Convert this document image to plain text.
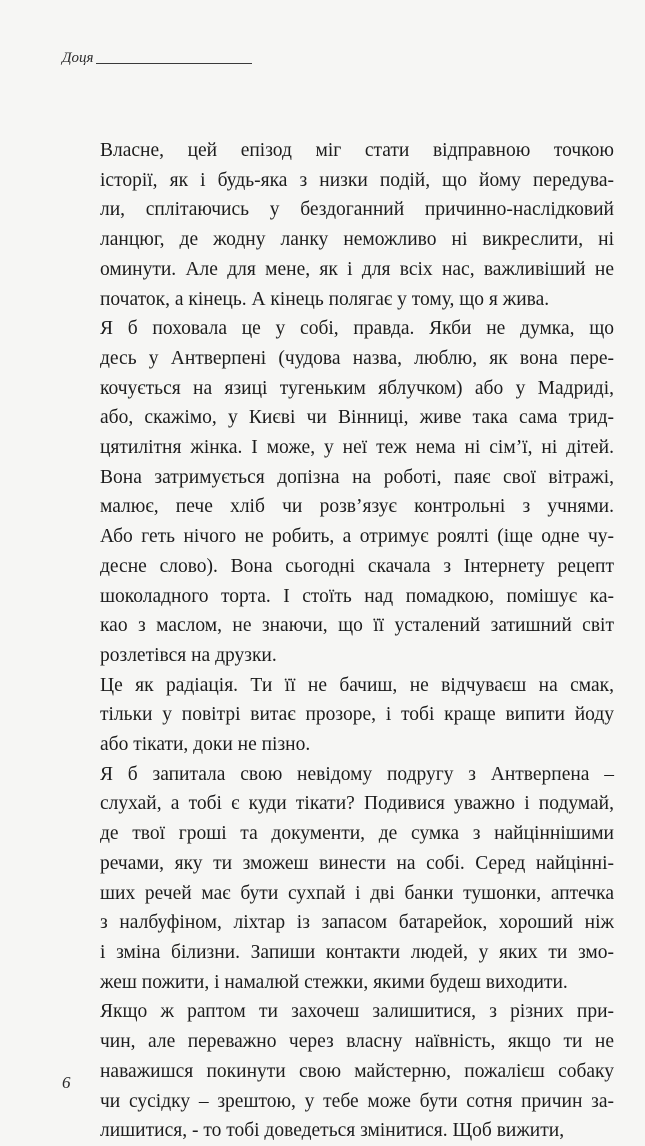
Доця

Власне, цей епізод міг стати відправною точкою
історії, як і будь-яка з низки подій, що йому передува-
ли, сплітаючись у бездоганний причинно-наслідковий
ланцюг, де жодну ланку неможливо ні викреслити, ні
оминути. Але для мене, як і для всіх нас, важливіший не
початок, а кінець. А кінець полягає у тому, що я жива.

Я б поховала це у собі, правда. Якби не думка, що
десь у Антверпені (чудова назва, люблю, як вона пере-
кочується на язиці тугеньким яблучком) або у Мадриді,
або, скажімо, у Києві чи Вінниці, живе така сама трид-
цятилітня жінка. І може, у неї теж нема ні сім’ї, ні дітей.
Вона затримується допізна на роботі, паяє свої вітражі,
малює, пече хліб чи розв’язує контрольні з учнями.
Або геть нічого не робить, а отримує роялті (іще одне чу-
десне слово). Вона сьогодні скачала з Інтернету рецепт
шоколадного торта. І стоїть над помадкою, помішує ка-
као з маслом, не знаючи, що її усталений затишний світ
розлетівся на друзки.

Це як радіація. Ти її не бачиш, не відчуваєш на смак,
тільки у повітрі витає прозоре, і тобі краще випити йоду
або тікати, доки не пізно.

Я б запитала свою невідому подругу з Антверпена –
слухай, а тобі є куди тікати? Подивися уважно і подумай,
де твої гроші та документи, де сумка з найціннішими
речами, яку ти зможеш винести на собі. Серед найцінні-
ших речей має бути сухпай і дві банки тушонки, аптечка
з налбуфіном, ліхтар із запасом батарейок, хороший ніж
і зміна білизни. Запиши контакти людей, у яких ти змо-
жеш пожити, і намалюй стежки, якими будеш виходити.

Якщо ж раптом ти захочеш залишитися, з різних при-
чин, але переважно через власну наївність, якщо ти не
наважишся покинути свою майстерню, пожалієш собаку
чи сусідку – зрештою, у тебе може бути сотня причин за-
лишитися, - то тобі доведеться змінитися. Щоб вижити,

6
